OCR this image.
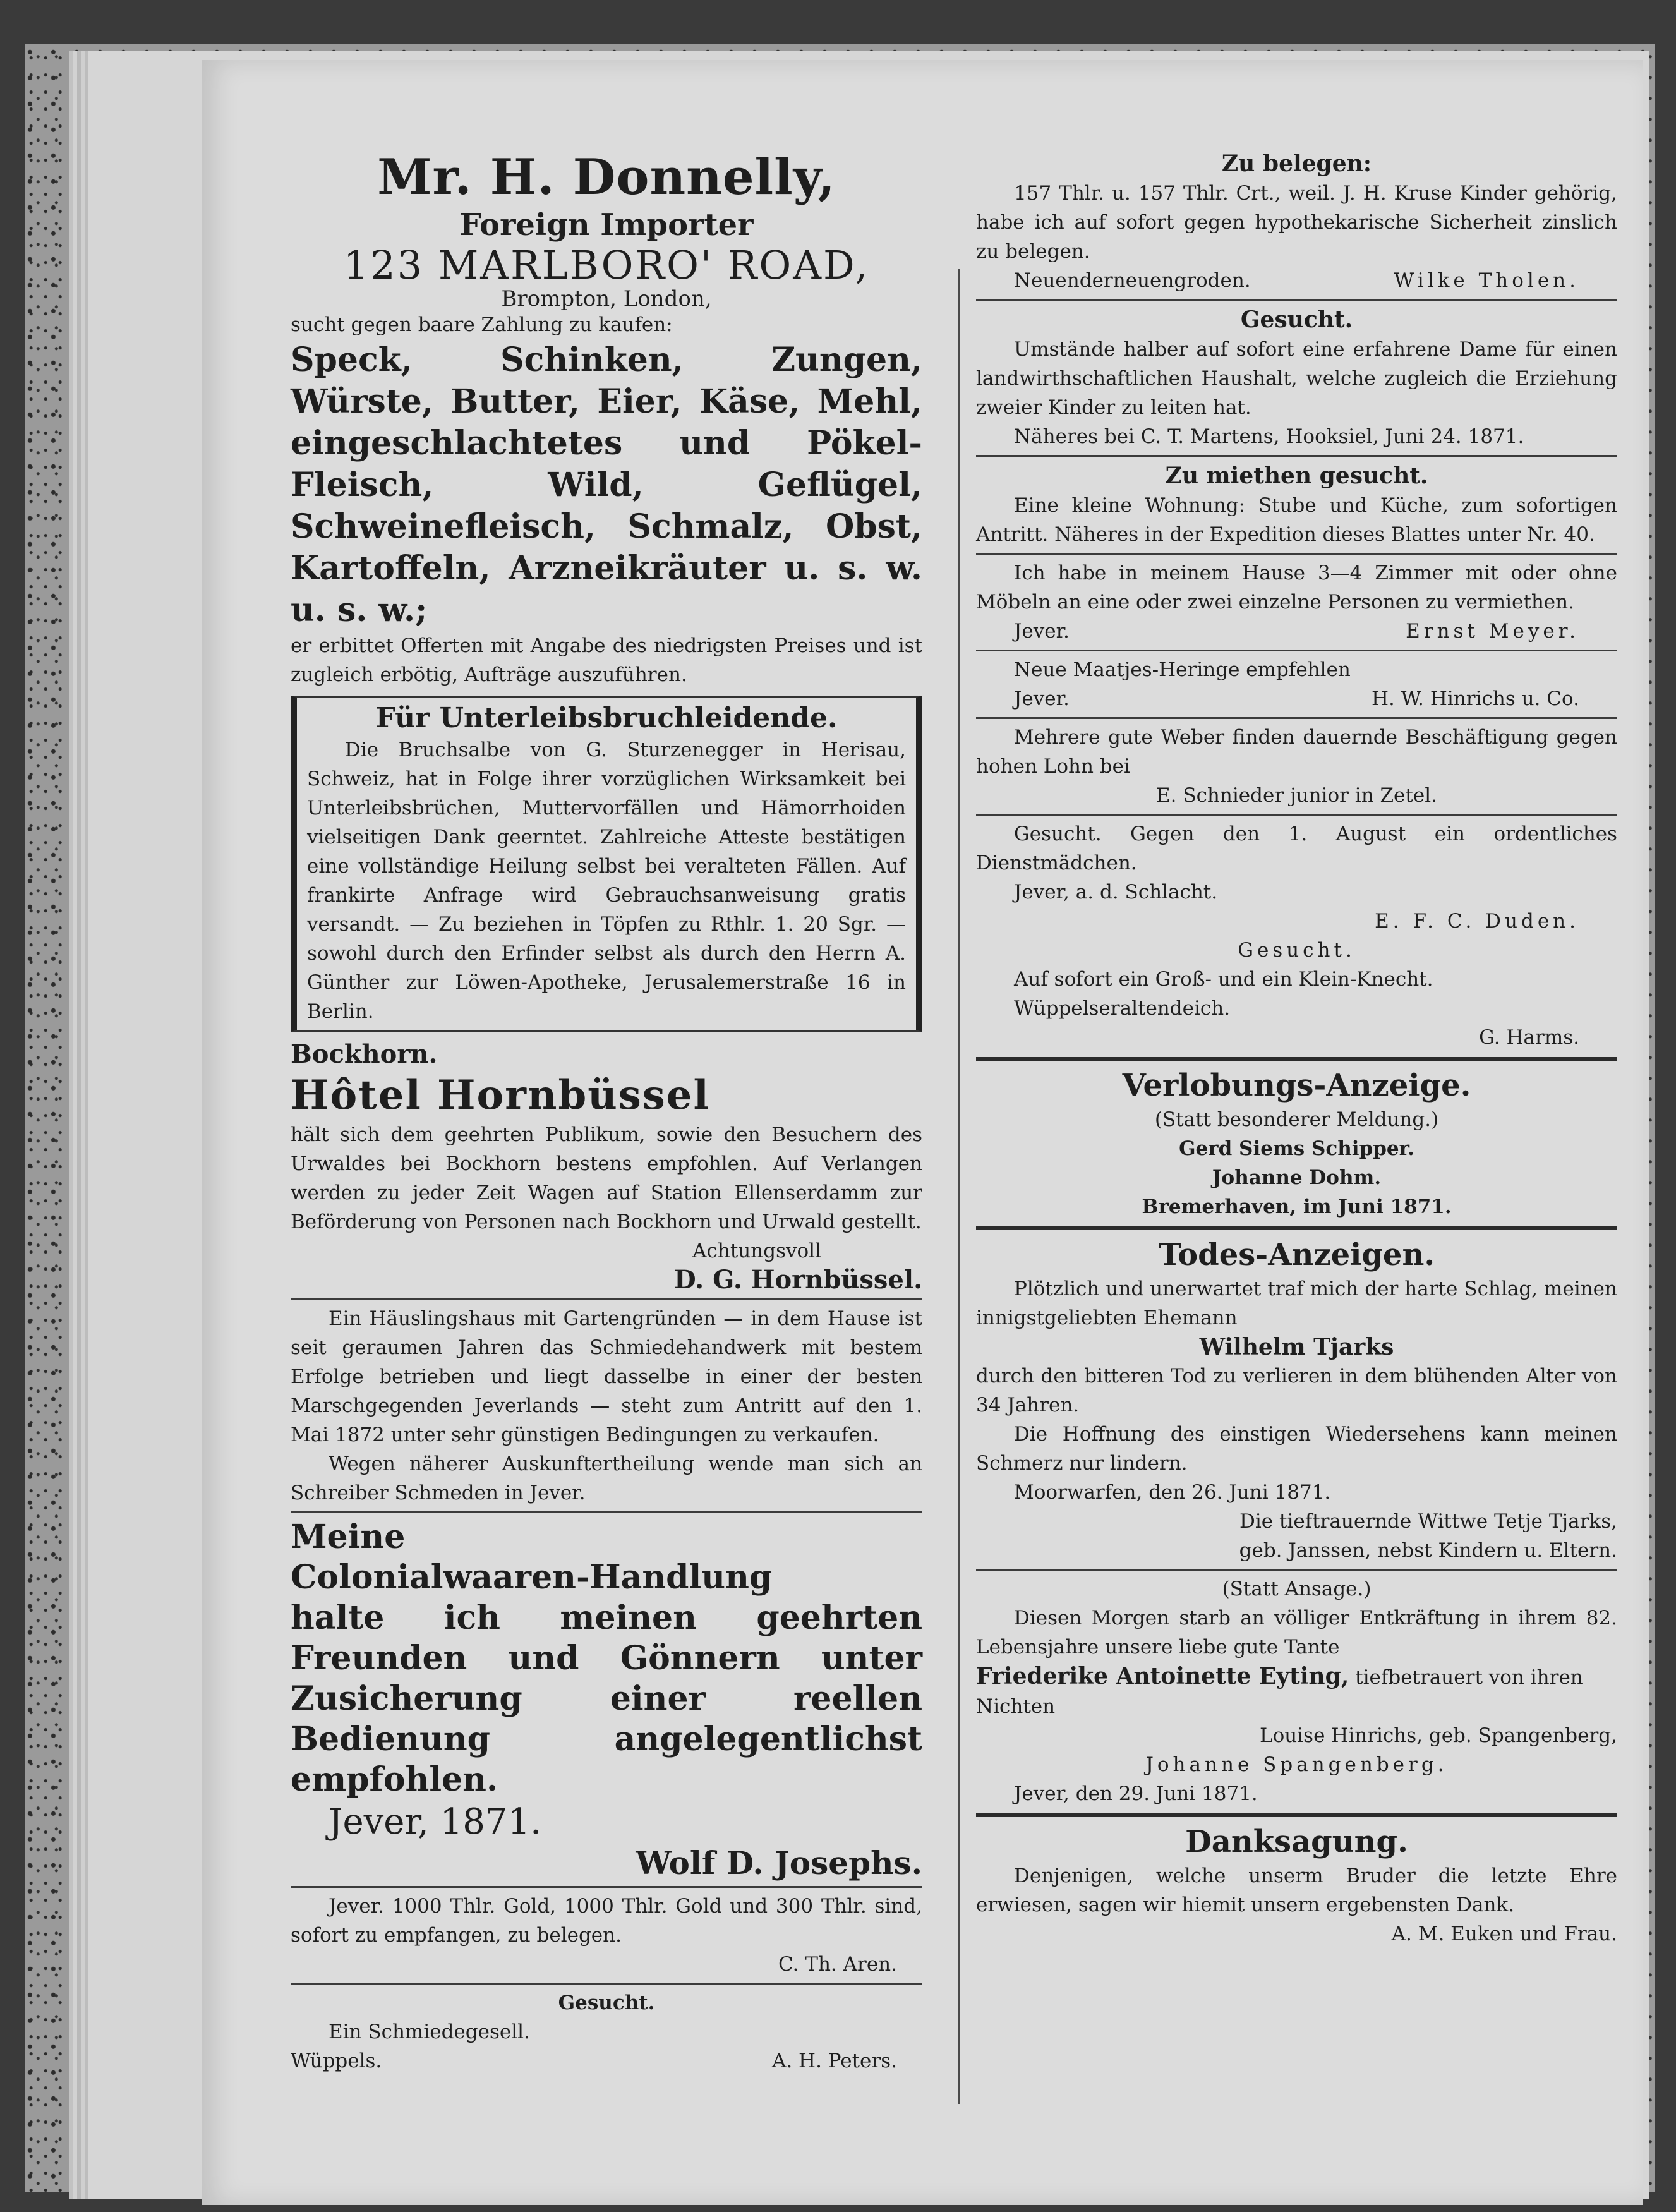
Mr. H. Donnelly,
Foreign Importer
123 MARLBORO' ROAD,
Brompton, London,

sucht gegen baare Zahlung zu kaufen:

Speck, Schinken, Zungen, Würste, Butter, Eier, Käse, Mehl, eingeschlachtetes und Pökel-Fleisch, Wild, Geflügel, Schweinefleisch, Schmalz, Obst, Kartoffeln, Arzneikräuter u. s. w. u. s. w.;

er erbittet Offerten mit Angabe des niedrigsten Preises und ist zugleich erbötig, Aufträge auszuführen.

Für Unterleibsbruchleidende.

Die Bruchsalbe von G. Sturzenegger in Herisau, Schweiz, hat in Folge ihrer vorzüglichen Wirksamkeit bei Unterleibsbrüchen, Muttervorfällen und Hämorrhoiden vielseitigen Dank geerntet. Zahlreiche Atteste bestätigen eine vollständige Heilung selbst bei veralteten Fällen. Auf frankirte Anfrage wird Gebrauchsanweisung gratis versandt. — Zu beziehen in Töpfen zu Rthlr. 1. 20 Sgr. — sowohl durch den Erfinder selbst als durch den Herrn A. Günther zur Löwen-Apotheke, Jerusalemerstraße 16 in Berlin.

Bockhorn.
Hôtel Hornbüssel

hält sich dem geehrten Publikum, sowie den Besuchern des Urwaldes bei Bockhorn bestens empfohlen. Auf Verlangen werden zu jeder Zeit Wagen auf Station Ellenserdamm zur Beförderung von Personen nach Bockhorn und Urwald gestellt.

Achtungsvoll

D. G. Hornbüssel.

Ein Häuslingshaus mit Gartengründen — in dem Hause ist seit geraumen Jahren das Schmiedehandwerk mit bestem Erfolge betrieben und liegt dasselbe in einer der besten Marschgegenden Jeverlands — steht zum Antritt auf den 1. Mai 1872 unter sehr günstigen Bedingungen zu verkaufen.

Wegen näherer Auskunftertheilung wende man sich an Schreiber Schmeden in Jever.

Meine
Colonialwaaren-Handlung

halte ich meinen geehrten Freunden und Gönnern unter Zusicherung einer reellen Bedienung angelegentlichst empfohlen.

Jever, 1871.
Wolf D. Josephs.

Jever. 1000 Thlr. Gold, 1000 Thlr. Gold und 300 Thlr. sind, sofort zu empfangen, zu belegen.

C. Th. Aren.

Gesucht.

Ein Schmiedegesell.

Wüppels.	A. H. Peters.
Zu belegen:

157 Thlr. u. 157 Thlr. Crt., weil. J. H. Kruse Kinder gehörig, habe ich auf sofort gegen hypothekarische Sicherheit zinslich zu belegen.

Neuenderneuengroden.	Wilke Tholen.
Gesucht.

Umstände halber auf sofort eine erfahrene Dame für einen landwirthschaftlichen Haushalt, welche zugleich die Erziehung zweier Kinder zu leiten hat.

Näheres bei C. T. Martens, Hooksiel, Juni 24. 1871.

Zu miethen gesucht.

Eine kleine Wohnung: Stube und Küche, zum sofortigen Antritt. Näheres in der Expedition dieses Blattes unter Nr. 40.

Ich habe in meinem Hause 3—4 Zimmer mit oder ohne Möbeln an eine oder zwei einzelne Personen zu vermiethen.

Jever.	Ernst Meyer.

Neue Maatjes-Heringe empfehlen

Jever.	H. W. Hinrichs u. Co.

Mehrere gute Weber finden dauernde Beschäftigung gegen hohen Lohn bei

E. Schnieder junior in Zetel.

Gesucht. Gegen den 1. August ein ordentliches Dienstmädchen.

Jever, a. d. Schlacht.

E. F. C. Duden.

Gesucht.

Auf sofort ein Groß- und ein Klein-Knecht.

Wüppelseraltendeich.

G. Harms.

Verlobungs-Anzeige.

(Statt besonderer Meldung.)

Gerd Siems Schipper.

Johanne Dohm.

Bremerhaven, im Juni 1871.

Todes-Anzeigen.

Plötzlich und unerwartet traf mich der harte Schlag, meinen innigstgeliebten Ehemann

Wilhelm Tjarks

durch den bitteren Tod zu verlieren in dem blühenden Alter von 34 Jahren.

Die Hoffnung des einstigen Wiedersehens kann meinen Schmerz nur lindern.

Moorwarfen, den 26. Juni 1871.

Die tieftrauernde Wittwe Tetje Tjarks,

geb. Janssen, nebst Kindern u. Eltern.

(Statt Ansage.)

Diesen Morgen starb an völliger Entkräftung in ihrem 82. Lebensjahre unsere liebe gute Tante

Friederike Antoinette Eyting, tiefbetrauert von ihren Nichten

Louise Hinrichs, geb. Spangenberg,

Johanne Spangenberg.

Jever, den 29. Juni 1871.

Danksagung.

Denjenigen, welche unserm Bruder die letzte Ehre erwiesen, sagen wir hiemit unsern ergebensten Dank.

A. M. Euken und Frau.
